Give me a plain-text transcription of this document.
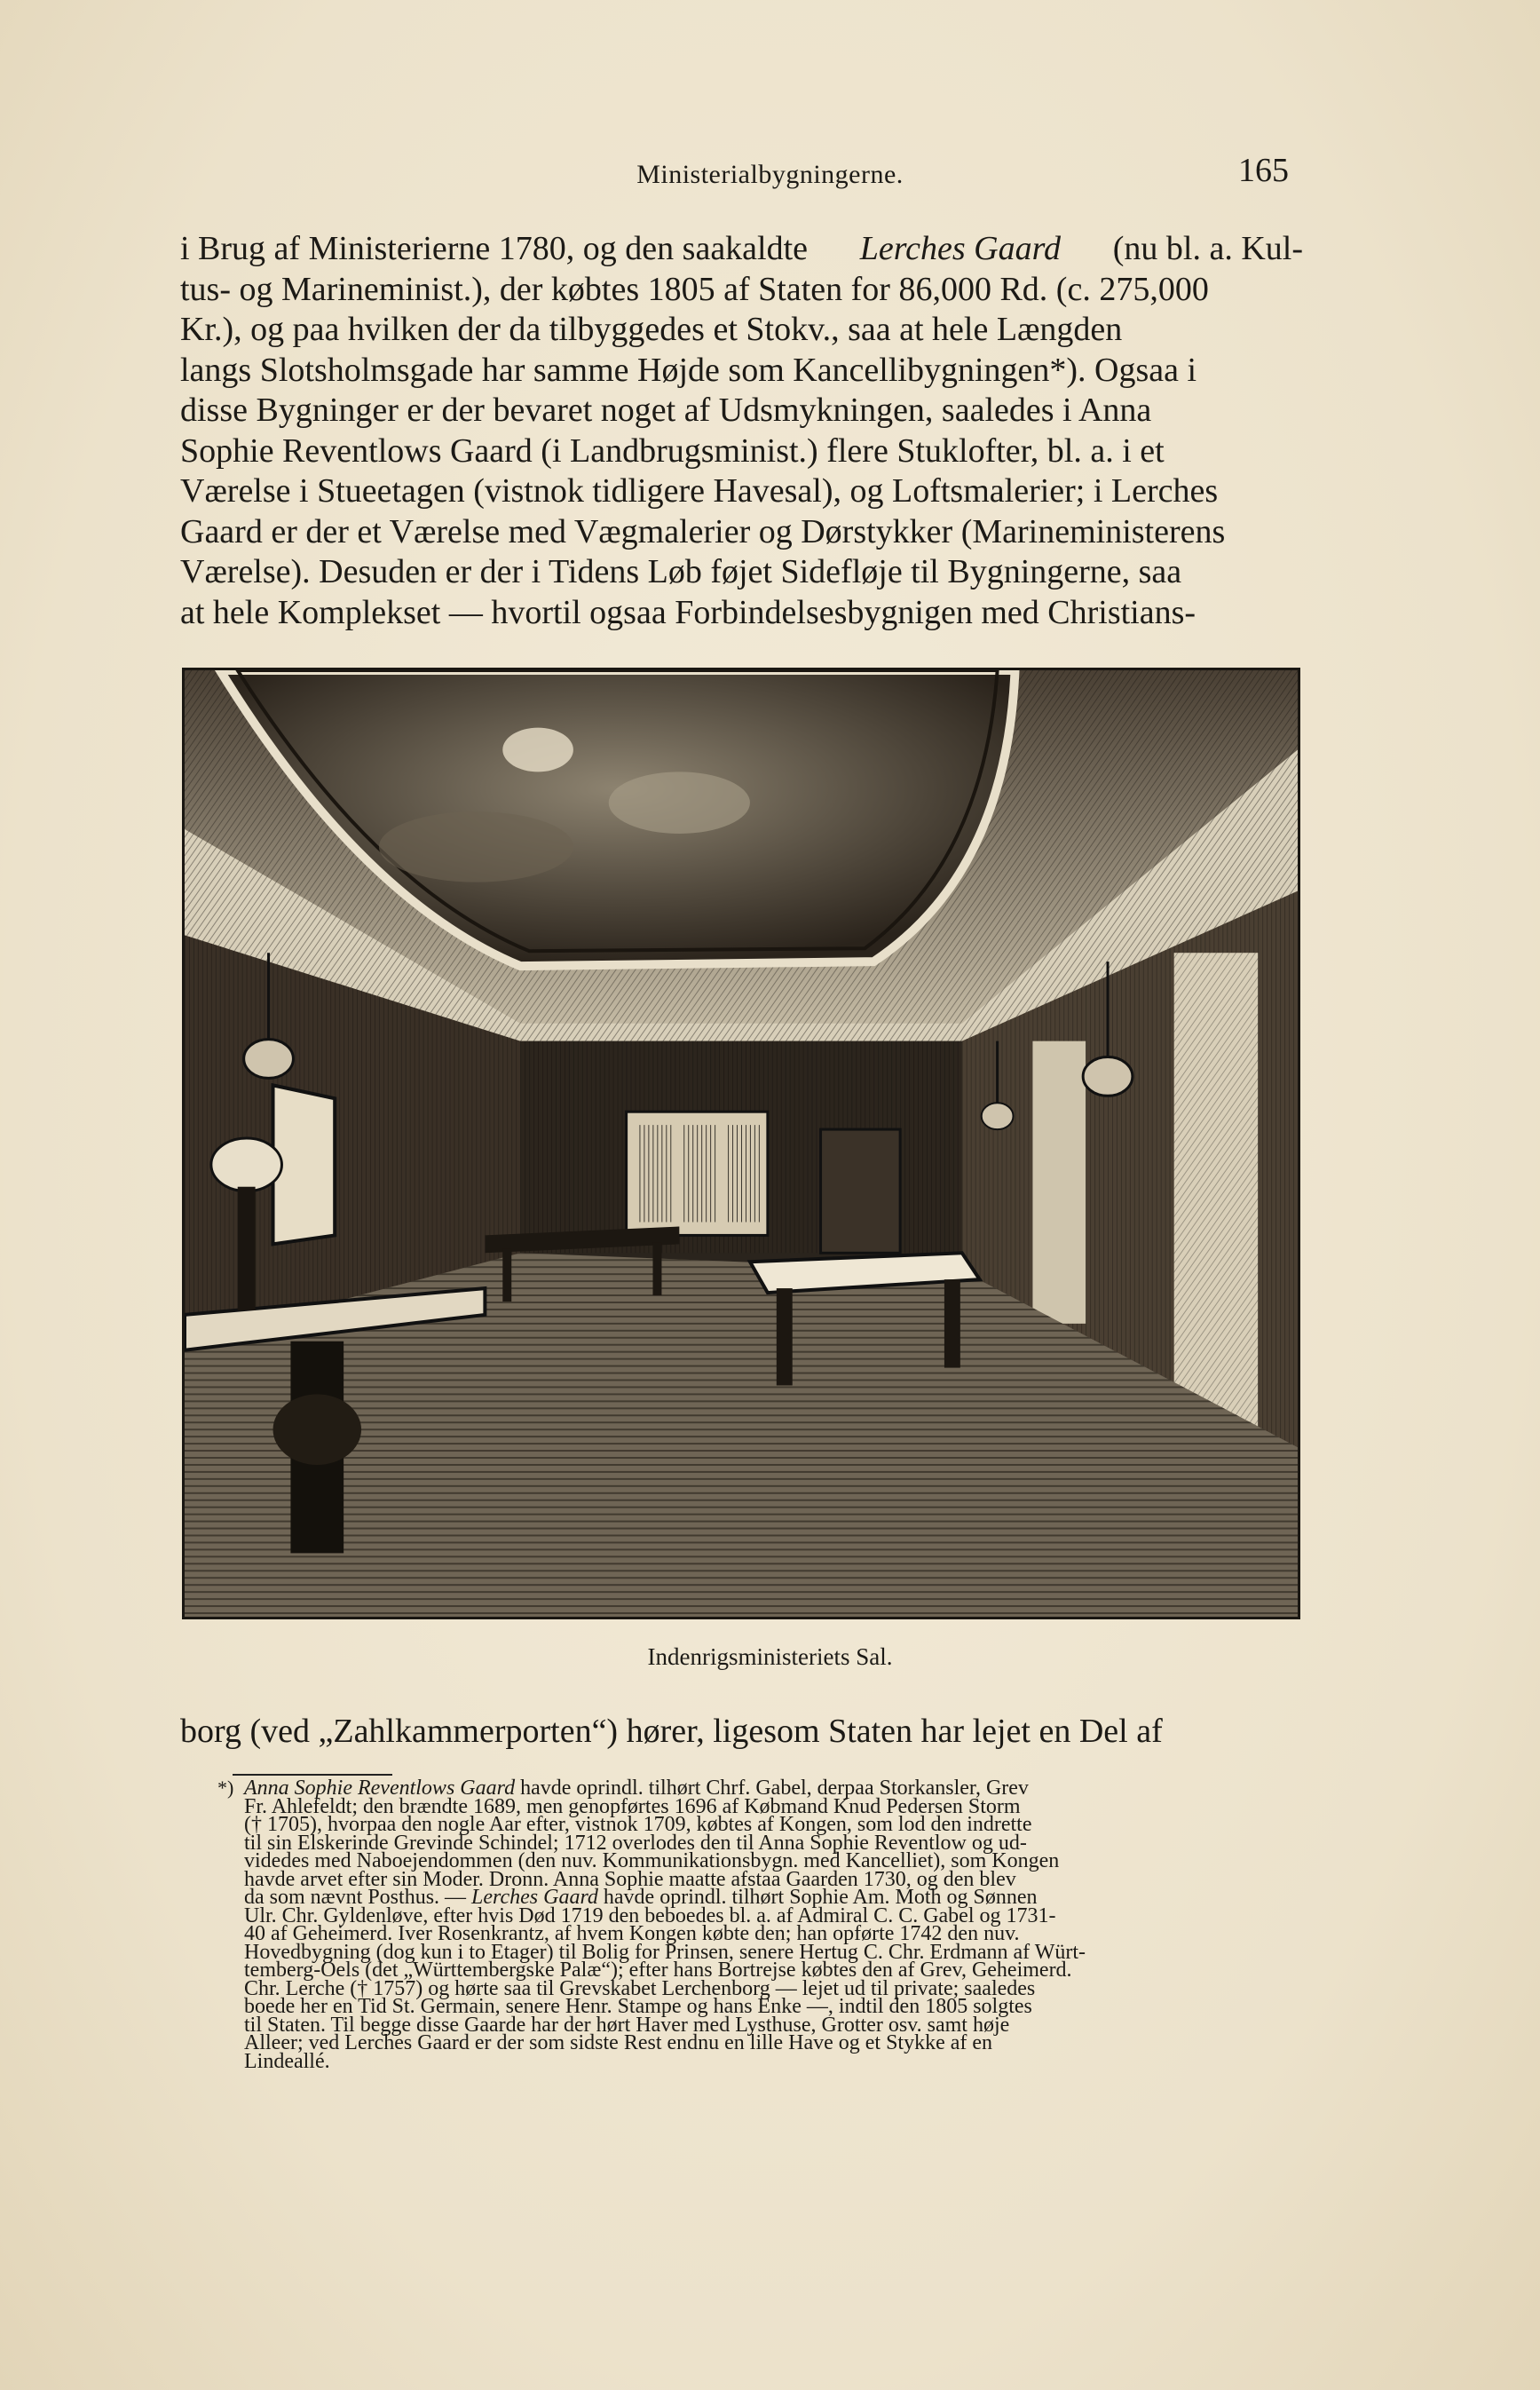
Ministerialbygningerne.	165
i Brug af Ministerierne 1780, og den saakaldte Lerches Gaard (nu bl. a. Kul-
tus- og Marineminist.), der købtes 1805 af Staten for 86,000 Rd. (c. 275,000
Kr.), og paa hvilken der da tilbyggedes et Stokv., saa at hele Længden
langs Slotsholmsgade har samme Højde som Kancellibygningen*). Ogsaa i
disse Bygninger er der bevaret noget af Udsmykningen, saaledes i Anna
Sophie Reventlows Gaard (i Landbrugsminist.) flere Stuklofter, bl. a. i et
Værelse i Stueetagen (vistnok tidligere Havesal), og Loftsmalerier; i Lerches
Gaard er der et Værelse med Vægmalerier og Dørstykker (Marineministerens
Værelse). Desuden er der i Tidens Løb føjet Sidefløje til Bygningerne, saa
at hele Komplekset — hvortil ogsaa Forbindelsesbygnigen med Christians-
Indenrigsministeriets Sal.
borg (ved „Zahlkammerporten“) hører, ligesom Staten har lejet en Del af
*) Anna Sophie Reventlows Gaard havde oprindl. tilhørt Chrf. Gabel, derpaa Storkansler, Grev
Fr. Ahlefeldt; den brændte 1689, men genopførtes 1696 af Købmand Knud Pedersen Storm
(† 1705), hvorpaa den nogle Aar efter, vistnok 1709, købtes af Kongen, som lod den indrette
til sin Elskerinde Grevinde Schindel; 1712 overlodes den til Anna Sophie Reventlow og ud-
videdes med Naboejendommen (den nuv. Kommunikationsbygn. med Kancelliet), som Kongen
havde arvet efter sin Moder. Dronn. Anna Sophie maatte afstaa Gaarden 1730, og den blev
da som nævnt Posthus. — Lerches Gaard havde oprindl. tilhørt Sophie Am. Moth og Sønnen
Ulr. Chr. Gyldenløve, efter hvis Død 1719 den beboedes bl. a. af Admiral C. C. Gabel og 1731-
40 af Geheimerd. Iver Rosenkrantz, af hvem Kongen købte den; han opførte 1742 den nuv.
Hovedbygning (dog kun i to Etager) til Bolig for Prinsen, senere Hertug C. Chr. Erdmann af Würt-
temberg-Oels (det „Württembergske Palæ“); efter hans Bortrejse købtes den af Grev, Geheimerd.
Chr. Lerche († 1757) og hørte saa til Grevskabet Lerchenborg — lejet ud til private; saaledes
boede her en Tid St. Germain, senere Henr. Stampe og hans Enke —, indtil den 1805 solgtes
til Staten. Til begge disse Gaarde har der hørt Haver med Lysthuse, Grotter osv. samt høje
Alleer; ved Lerches Gaard er der som sidste Rest endnu en lille Have og et Stykke af en
Lindeallé.
